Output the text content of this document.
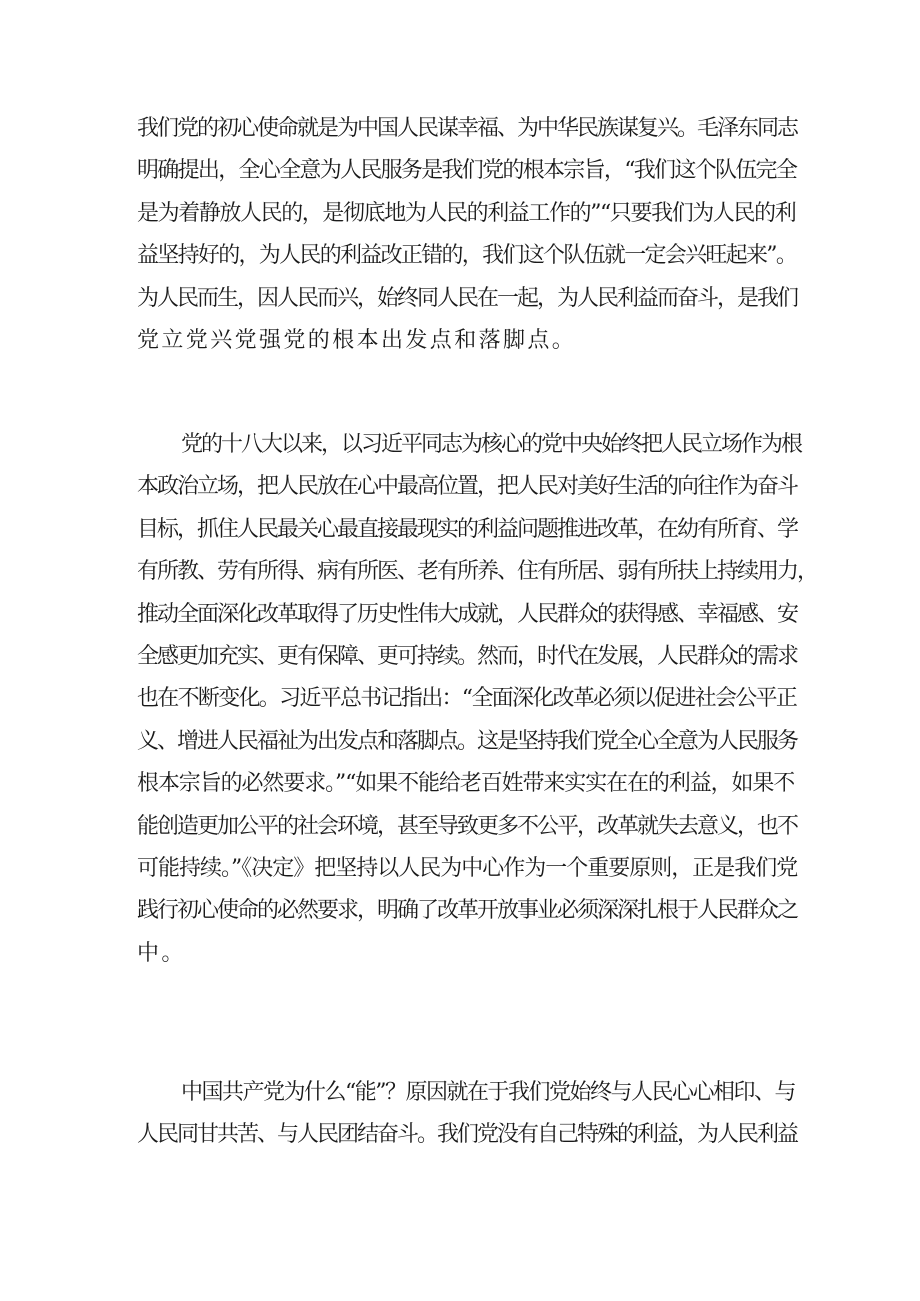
我们党的初心使命就是为中国人民谋幸福、为中华民族谋复兴。毛泽东同志
明确提出，全心全意为人民服务是我们党的根本宗旨，“我们这个队伍完全
是为着静放人民的，是彻底地为人民的利益工作的”“只要我们为人民的利
益坚持好的，为人民的利益改正错的，我们这个队伍就一定会兴旺起来”。
为人民而生，因人民而兴，始终同人民在一起，为人民利益而奋斗，是我们
党立党兴党强党的根本出发点和落脚点。
党的十八大以来，以习近平同志为核心的党中央始终把人民立场作为根
本政治立场，把人民放在心中最高位置，把人民对美好生活的向往作为奋斗
目标，抓住人民最关心最直接最现实的利益问题推进改革，在幼有所育、学
有所教、劳有所得、病有所医、老有所养、住有所居、弱有所扶上持续用力，
推动全面深化改革取得了历史性伟大成就，人民群众的获得感、幸福感、安
全感更加充实、更有保障、更可持续。然而，时代在发展，人民群众的需求
也在不断变化。习近平总书记指出：“全面深化改革必须以促进社会公平正
义、增进人民福祉为出发点和落脚点。这是坚持我们党全心全意为人民服务
根本宗旨的必然要求。”“如果不能给老百姓带来实实在在的利益，如果不
能创造更加公平的社会环境，甚至导致更多不公平，改革就失去意义，也不
可能持续。”《决定》把坚持以人民为中心作为一个重要原则，正是我们党
践行初心使命的必然要求，明确了改革开放事业必须深深扎根于人民群众之
中。
中国共产党为什么“能”？原因就在于我们党始终与人民心心相印、与
人民同甘共苦、与人民团结奋斗。我们党没有自己特殊的利益，为人民利益
